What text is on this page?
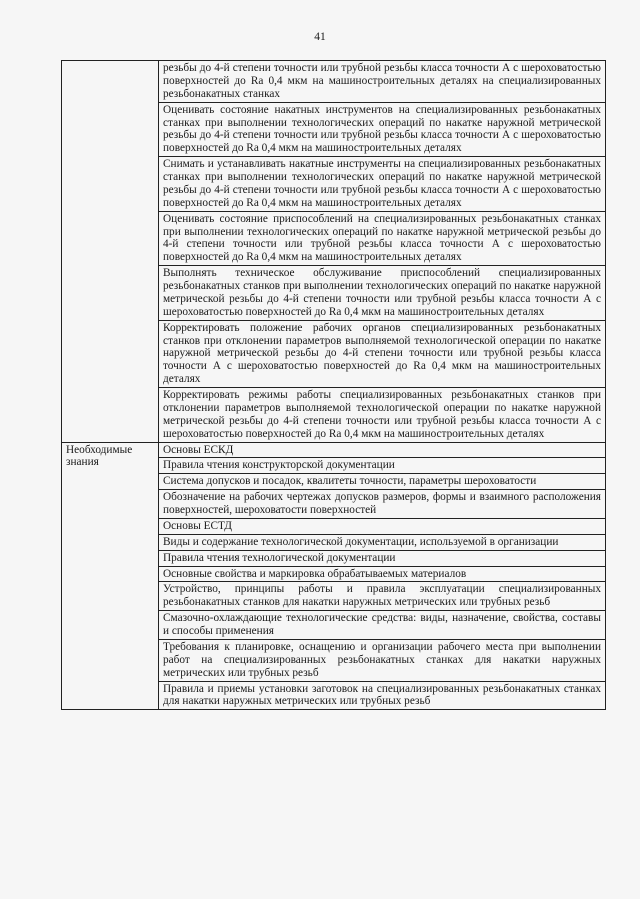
41
	резьбы до 4-й степени точности или трубной резьбы класса точности А с шероховатостью поверхностей до Ra 0,4 мкм на машиностроительных деталях на специализированных резьбонакатных станках
	Оценивать состояние накатных инструментов на специализированных резьбонакатных станках при выполнении технологических операций по накатке наружной метрической резьбы до 4-й степени точности или трубной резьбы класса точности А с шероховатостью поверхностей до Ra 0,4 мкм на машиностроительных деталях
	Снимать и устанавливать накатные инструменты на специализированных резьбонакатных станках при выполнении технологических операций по накатке наружной метрической резьбы до 4-й степени точности или трубной резьбы класса точности А с шероховатостью поверхностей до Ra 0,4 мкм на машиностроительных деталях
	Оценивать состояние приспособлений на специализированных резьбонакатных станках при выполнении технологических операций по накатке наружной метрической резьбы до 4-й степени точности или трубной резьбы класса точности А с шероховатостью поверхностей до Ra 0,4 мкм на машиностроительных деталях
	Выполнять техническое обслуживание приспособлений специализированных резьбонакатных станков при выполнении технологических операций по накатке наружной метрической резьбы до 4-й степени точности или трубной резьбы класса точности А с шероховатостью поверхностей до Ra 0,4 мкм на машиностроительных деталях
	Корректировать положение рабочих органов специализированных резьбонакатных станков при отклонении параметров выполняемой технологической операции по накатке наружной метрической резьбы до 4-й степени точности или трубной резьбы класса точности А с шероховатостью поверхностей до Ra 0,4 мкм на машиностроительных деталях
	Корректировать режимы работы специализированных резьбонакатных станков при отклонении параметров выполняемой технологической операции по накатке наружной метрической резьбы до 4-й степени точности или трубной резьбы класса точности А с шероховатостью поверхностей до Ra 0,4 мкм на машиностроительных деталях
Необходимые знания	Основы ЕСКД
	Правила чтения конструкторской документации
	Система допусков и посадок, квалитеты точности, параметры шероховатости
	Обозначение на рабочих чертежах допусков размеров, формы и взаимного расположения поверхностей, шероховатости поверхностей
	Основы ЕСТД
	Виды и содержание технологической документации, используемой в организации
	Правила чтения технологической документации
	Основные свойства и маркировка обрабатываемых материалов
	Устройство, принципы работы и правила эксплуатации специализированных резьбонакатных станков для накатки наружных метрических или трубных резьб
	Смазочно-охлаждающие технологические средства: виды, назначение, свойства, составы и способы применения
	Требования к планировке, оснащению и организации рабочего места при выполнении работ на специализированных резьбонакатных станках для накатки наружных метрических или трубных резьб
	Правила и приемы установки заготовок на специализированных резьбонакатных станках для накатки наружных метрических или трубных резьб
